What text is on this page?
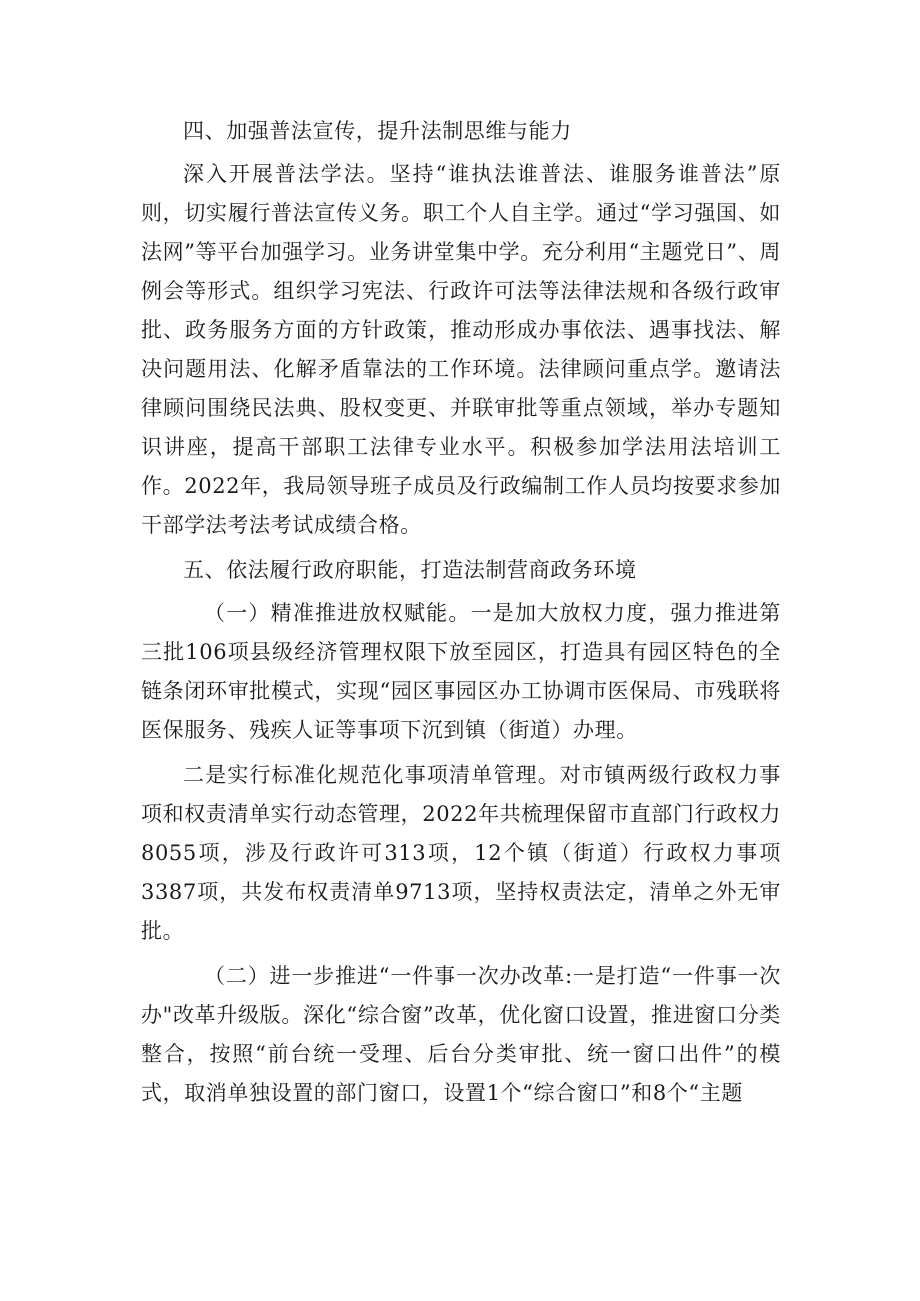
四、加强普法宣传，提升法制思维与能力

深入开展普法学法。坚持“谁执法谁普法、谁服务谁普法”原则，切实履行普法宣传义务。职工个人自主学。通过“学习强国、如法网”等平台加强学习。业务讲堂集中学。充分利用“主题党日”、周例会等形式。组织学习宪法、行政许可法等法律法规和各级行政审批、政务服务方面的方针政策，推动形成办事依法、遇事找法、解决问题用法、化解矛盾靠法的工作环境。法律顾问重点学。邀请法律顾问围绕民法典、股权变更、并联审批等重点领域，举办专题知识讲座，提高干部职工法律专业水平。积极参加学法用法培训工作。2022年，我局领导班子成员及行政编制工作人员均按要求参加干部学法考法考试成绩合格。

五、依法履行政府职能，打造法制营商政务环境

（一）精准推进放权赋能。一是加大放权力度，强力推进第三批106项县级经济管理权限下放至园区，打造具有园区特色的全链条闭环审批模式，实现“园区事园区办工协调市医保局、市残联将医保服务、残疾人证等事项下沉到镇（街道）办理。

二是实行标准化规范化事项清单管理。对市镇两级行政权力事项和权责清单实行动态管理，2022年共梳理保留市直部门行政权力8055项，涉及行政许可313项，12个镇（街道）行政权力事项3387项，共发布权责清单9713项，坚持权责法定，清单之外无审批。

（二）进一步推进“一件事一次办改革:一是打造“一件事一次办"改革升级版。深化“综合窗”改革，优化窗口设置，推进窗口分类整合，按照“前台统一受理、后台分类审批、统一窗口出件”的模式，取消单独设置的部门窗口，设置1个“综合窗口”和8个“主题
